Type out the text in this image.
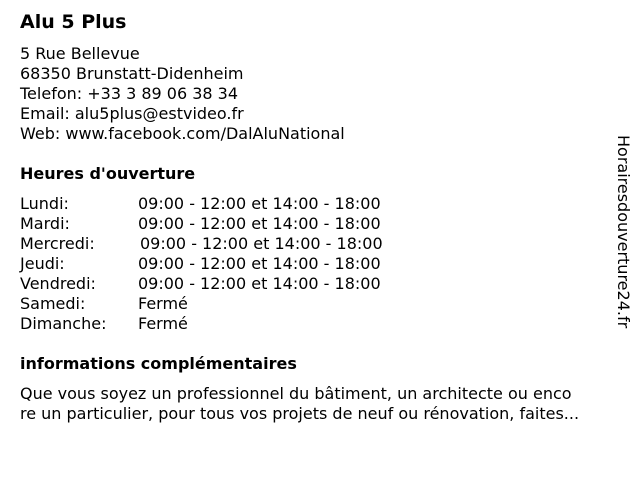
Alu 5 Plus
5 Rue Bellevue
68350 Brunstatt-Didenheim
Telefon: +33 3 89 06 38 34
Email: alu5plus@estvideo.fr
Web: www.facebook.com/DalAluNational
Heures d'ouverture
Lundi:	09:00 - 12:00 et 14:00 - 18:00
Mardi:	09:00 - 12:00 et 14:00 - 18:00
Mercredi:	09:00 - 12:00 et 14:00 - 18:00
Jeudi:	09:00 - 12:00 et 14:00 - 18:00
Vendredi:	09:00 - 12:00 et 14:00 - 18:00
Samedi:	Fermé
Dimanche: Fermé
informations complémentaires
Que vous soyez un professionnel du bâtiment, un architecte ou enco
re un particulier, pour tous vos projets de neuf ou rénovation, faites...
Horairesdouverture24.fr
